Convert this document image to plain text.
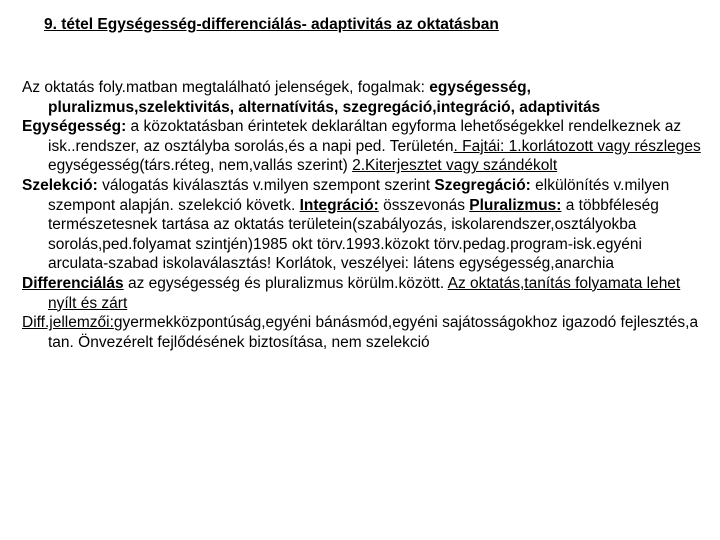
9. tétel Egységesség-differenciálás- adaptivitás az oktatásban

Az oktatás foly.matban megtalálható jelenségek, fogalmak: egységesség, pluralizmus,szelektivitás, alternatívitás, szegregáció,integráció, adaptivitás

Egységesség: a közoktatásban érintetek deklaráltan egyforma lehetőségekkel rendelkeznek az isk..rendszer, az osztályba sorolás,és a napi ped. Területén. Fajtái: 1.korlátozott vagy részleges egységesség(társ.réteg, nem,vallás szerint) 2.Kiterjesztet vagy szándékolt

Szelekció: válogatás kiválasztás v.milyen szempont szerint Szegregáció: elkülönítés v.milyen szempont alapján. szelekció követk. Integráció: összevonás Pluralizmus: a többféleség természetesnek tartása az oktatás területein(szabályozás, iskolarendszer,osztályokba sorolás,ped.folyamat szintjén)1985 okt törv.1993.közokt törv.pedag.program-isk.egyéni arculata-szabad iskolaválasztás! Korlátok, veszélyei: látens egységesség,anarchia

Differenciálás az egységesség és pluralizmus körülm.között. Az oktatás,tanítás folyamata lehet nyílt és zárt

Diff.jellemzői:gyermekközpontúság,egyéni bánásmód,egyéni sajátosságokhoz igazodó fejlesztés,a tan. Önvezérelt fejlődésének biztosítása, nem szelekció
